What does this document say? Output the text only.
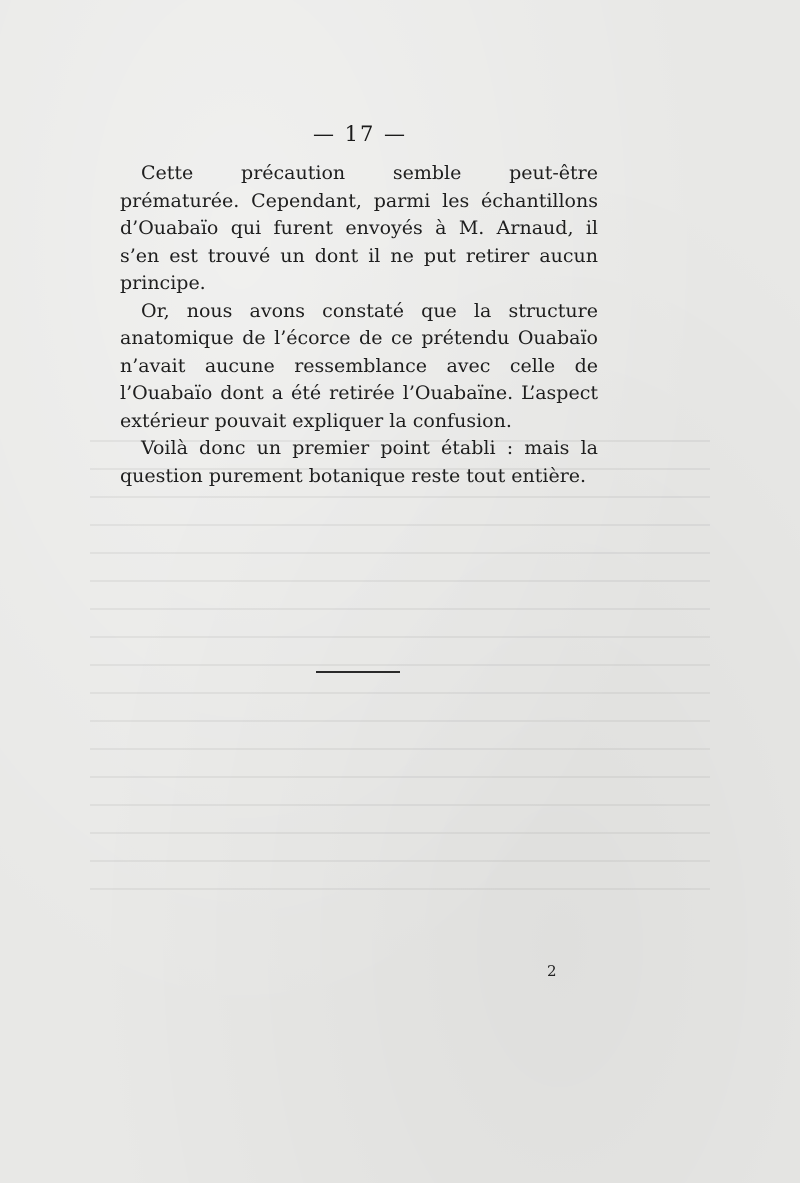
— 17 —

Cette précaution semble peut-être prématurée. Cependant, parmi les échantillons d’Ouabaïo qui furent envoyés à M. Arnaud, il s’en est trouvé un dont il ne put retirer aucun principe.

Or, nous avons constaté que la structure anatomique de l’écorce de ce prétendu Ouabaïo n’avait aucune ressemblance avec celle de l’Ouabaïo dont a été retirée l’Ouabaïne. L’aspect extérieur pouvait expliquer la confusion.

Voilà donc un premier point établi : mais la question purement botanique reste tout entière.

2
